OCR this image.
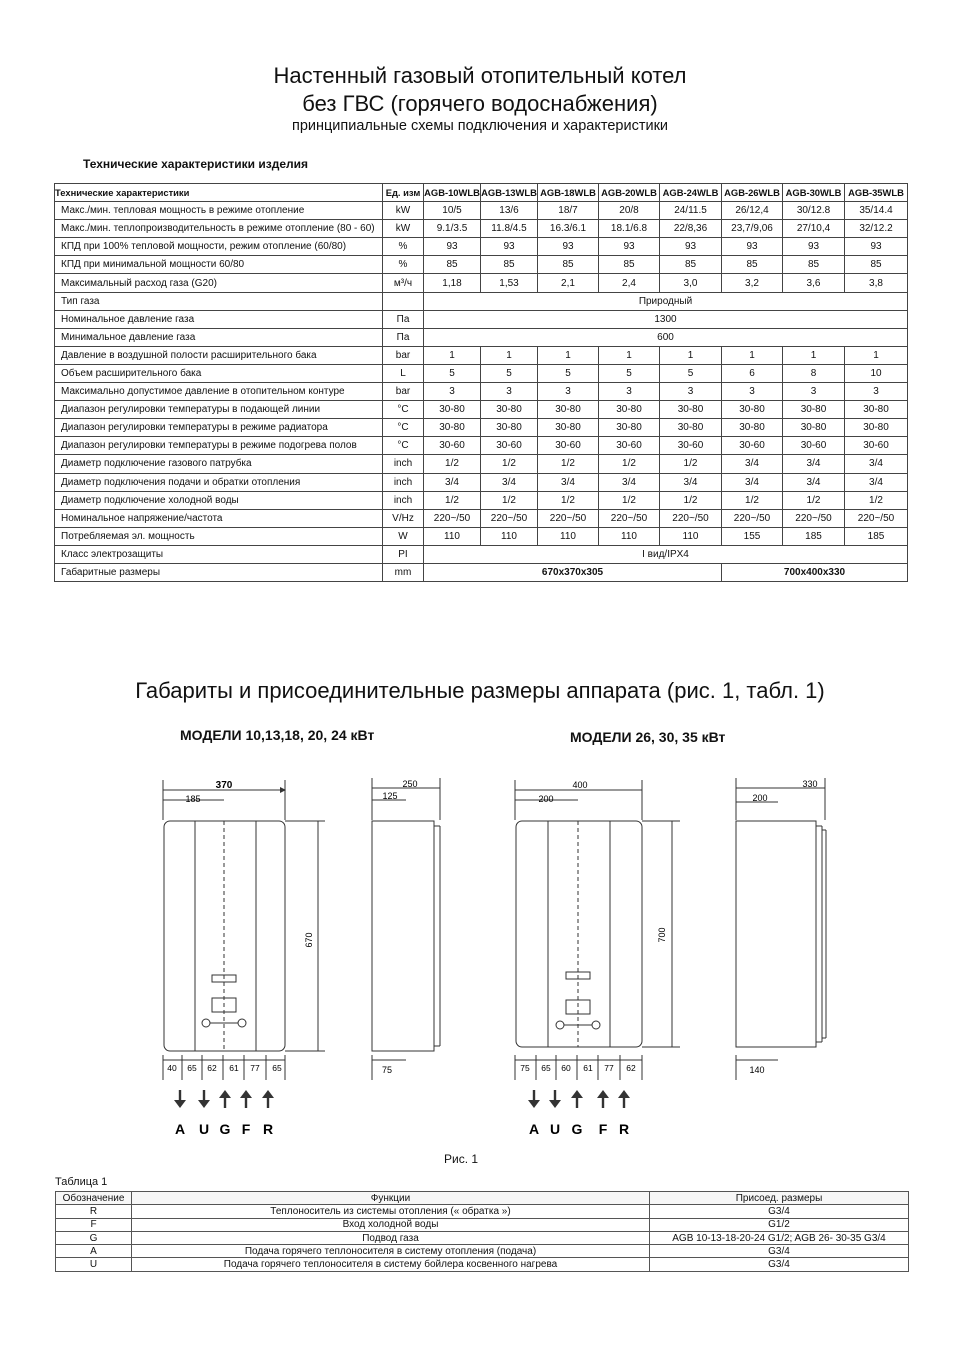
Настенный газовый отопительный котел
без ГВС (горячего водоснабжения)
принципиальные схемы подключения и характеристики
Технические характеристики изделия
Технические характеристики	Ед. изм	AGB-10WLB	AGB-13WLB	AGB-18WLB	AGB-20WLB	AGB-24WLB	AGB-26WLB	AGB-30WLB	AGB-35WLB
Макс./мин. тепловая мощность в режиме отопление	kW	10/5	13/6	18/7	20/8	24/11.5	26/12,4	30/12.8	35/14.4
Макс./мин. теплопроизводительность в режиме отопление (80 - 60)	kW	9.1/3.5	11.8/4.5	16.3/6.1	18.1/6.8	22/8,36	23,7/9,06	27/10,4	32/12.2
КПД при 100% тепловой мощности, режим отопление (60/80)	%	93	93	93	93	93	93	93	93
КПД при минимальной мощности 60/80	%	85	85	85	85	85	85	85	85
Максимальный расход газа (G20)	м³/ч	1,18	1,53	2,1	2,4	3,0	3,2	3,6	3,8
Тип газа		Природный							
Номинальное давление газа	Па	1300							
Минимальное давление газа	Па	600							
Давление в воздушной полости расширительного бака	bar	1	1	1	1	1	1	1	1
Объем расширительного бака	L	5	5	5	5	5	6	8	10
Максимально допустимое давление в отопительном контуре	bar	3	3	3	3	3	3	3	3
Диапазон регулировки температуры в подающей линии	°C	30-80	30-80	30-80	30-80	30-80	30-80	30-80	30-80
Диапазон регулировки температуры в режиме радиатора	°C	30-80	30-80	30-80	30-80	30-80	30-80	30-80	30-80
Диапазон регулировки температуры в режиме подогрева полов	°C	30-60	30-60	30-60	30-60	30-60	30-60	30-60	30-60
Диаметр подключение газового патрубка	inch	1/2	1/2	1/2	1/2	1/2	3/4	3/4	3/4
Диаметр подключения подачи и обратки отопления	inch	3/4	3/4	3/4	3/4	3/4	3/4	3/4	3/4
Диаметр подключение холодной воды	inch	1/2	1/2	1/2	1/2	1/2	1/2	1/2	1/2
Номинальное напряжение/частота	V/Hz	220~/50	220~/50	220~/50	220~/50	220~/50	220~/50	220~/50	220~/50
Потребляемая эл. мощность	W	110	110	110	110	110	155	185	185
Класс электрозащиты	PI	I вид/IPX4							
Габаритные размеры	mm	670x370x305					700x400x330		
Габариты и присоединительные размеры аппарата (рис. 1, табл. 1)
МОДЕЛИ 10,13,18, 20, 24 кВт	МОДЕЛИ 26, 30, 35 кВт
370
185
670
40 65 62 61 77 65
A U G F R
250
125
75
400
200
700
75 65 60 61 77 62
A U G F R
330
200
140
Рис. 1
Таблица 1
Обозначение	Функции	Присоед. размеры
R	Теплоноситель из системы отопления (« обратка »)	G3/4
F	Вход холодной воды	G1/2
G	Подвод газа	AGB 10-13-18-20-24 G1/2; AGB 26- 30-35 G3/4
A	Подача горячего теплоносителя в систему отопления (подача)	G3/4
U	Подача горячего теплоносителя в систему бойлера косвенного нагрева	G3/4
